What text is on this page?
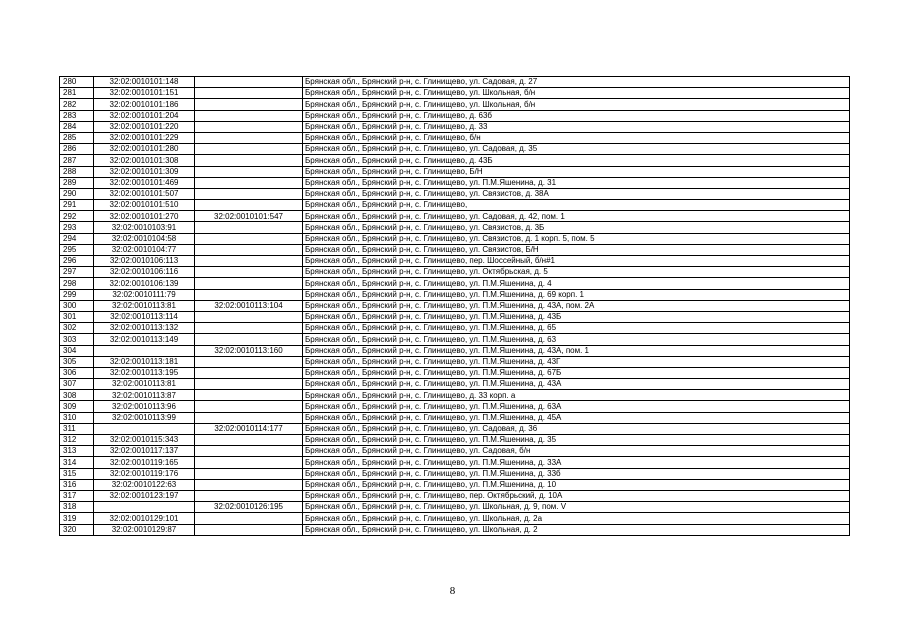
280	32:02:0010101:148		Брянская обл., Брянский р-н, с. Глинищево, ул. Садовая, д. 27
281	32:02:0010101:151		Брянская обл., Брянский р-н, с. Глинищево, ул. Школьная, б/н
282	32:02:0010101:186		Брянская обл., Брянский р-н, с. Глинищево, ул. Школьная, б/н
283	32:02:0010101:204		Брянская обл., Брянский р-н, с. Глинищево, д. 63б
284	32:02:0010101:220		Брянская обл., Брянский р-н, с. Глинищево, д. 33
285	32:02:0010101:229		Брянская обл., Брянский р-н, с. Глинищево, б/н
286	32:02:0010101:280		Брянская обл., Брянский р-н, с. Глинищево, ул. Садовая, д. 35
287	32:02:0010101:308		Брянская обл., Брянский р-н, с. Глинищево, д. 43Б
288	32:02:0010101:309		Брянская обл., Брянский р-н, с. Глинищево, Б/Н
289	32:02:0010101:469		Брянская обл., Брянский р-н, с. Глинищево, ул. П.М.Яшенина, д. 31
290	32:02:0010101:507		Брянская обл., Брянский р-н, с. Глинищево, ул. Связистов, д. 38А
291	32:02:0010101:510		Брянская обл., Брянский р-н, с. Глинищево,
292	32:02:0010101:270	32:02:0010101:547	Брянская обл., Брянский р-н, с. Глинищево, ул. Садовая, д. 42, пом. 1
293	32:02:0010103:91		Брянская обл., Брянский р-н, с. Глинищево, ул. Связистов, д. 3Б
294	32:02:0010104:58		Брянская обл., Брянский р-н, с. Глинищево, ул. Связистов, д. 1 корп. 5, пом. 5
295	32:02:0010104:77		Брянская обл., Брянский р-н, с. Глинищево, ул. Связистов, Б/Н
296	32:02:0010106:113		Брянская обл., Брянский р-н, с. Глинищево, пер. Шоссейный, б/н#1
297	32:02:0010106:116		Брянская обл., Брянский р-н, с. Глинищево, ул. Октябрьская, д. 5
298	32:02:0010106:139		Брянская обл., Брянский р-н, с. Глинищево, ул. П.М.Яшенина, д. 4
299	32:02:0010111:79		Брянская обл., Брянский р-н, с. Глинищево, ул. П.М.Яшенина, д. 69 корп. 1
300	32:02:0010113:81	32:02:0010113:104	Брянская обл., Брянский р-н, с. Глинищево, ул. П.М.Яшенина, д. 43А, пом. 2А
301	32:02:0010113:114		Брянская обл., Брянский р-н, с. Глинищево, ул. П.М.Яшенина, д. 43Б
302	32:02:0010113:132		Брянская обл., Брянский р-н, с. Глинищево, ул. П.М.Яшенина, д. 65
303	32:02:0010113:149		Брянская обл., Брянский р-н, с. Глинищево, ул. П.М.Яшенина, д. 63
304		32:02:0010113:160	Брянская обл., Брянский р-н, с. Глинищево, ул. П.М.Яшенина, д. 43А, пом. 1
305	32:02:0010113:181		Брянская обл., Брянский р-н, с. Глинищево, ул. П.М.Яшенина, д. 43Г
306	32:02:0010113:195		Брянская обл., Брянский р-н, с. Глинищево, ул. П.М.Яшенина, д. 67Б
307	32:02:0010113:81		Брянская обл., Брянский р-н, с. Глинищево, ул. П.М.Яшенина, д. 43А
308	32:02:0010113:87		Брянская обл., Брянский р-н, с. Глинищево, д. 33 корп. а
309	32:02:0010113:96		Брянская обл., Брянский р-н, с. Глинищево, ул. П.М.Яшенина, д. 63А
310	32:02:0010113:99		Брянская обл., Брянский р-н, с. Глинищево, ул. П.М.Яшенина, д. 45А
311		32:02:0010114:177	Брянская обл., Брянский р-н, с. Глинищево, ул. Садовая, д. 36
312	32:02:0010115:343		Брянская обл., Брянский р-н, с. Глинищево, ул. П.М.Яшенина, д. 35
313	32:02:0010117:137		Брянская обл., Брянский р-н, с. Глинищево, ул. Садовая, б/н
314	32:02:0010119:165		Брянская обл., Брянский р-н, с. Глинищево, ул. П.М.Яшенина, д. 33А
315	32:02:0010119:176		Брянская обл., Брянский р-н, с. Глинищево, ул. П.М.Яшенина, д. 33б
316	32:02:0010122:63		Брянская обл., Брянский р-н, с. Глинищево, ул. П.М.Яшенина, д. 10
317	32:02:0010123:197		Брянская обл., Брянский р-н, с. Глинищево, пер. Октябрьский, д. 10А
318		32:02:0010126:195	Брянская обл., Брянский р-н, с. Глинищево, ул. Школьная, д. 9, пом. V
319	32:02:0010129:101		Брянская обл., Брянский р-н, с. Глинищево, ул. Школьная, д. 2а
320	32:02:0010129:87		Брянская обл., Брянский р-н, с. Глинищево, ул. Школьная, д. 2
8
